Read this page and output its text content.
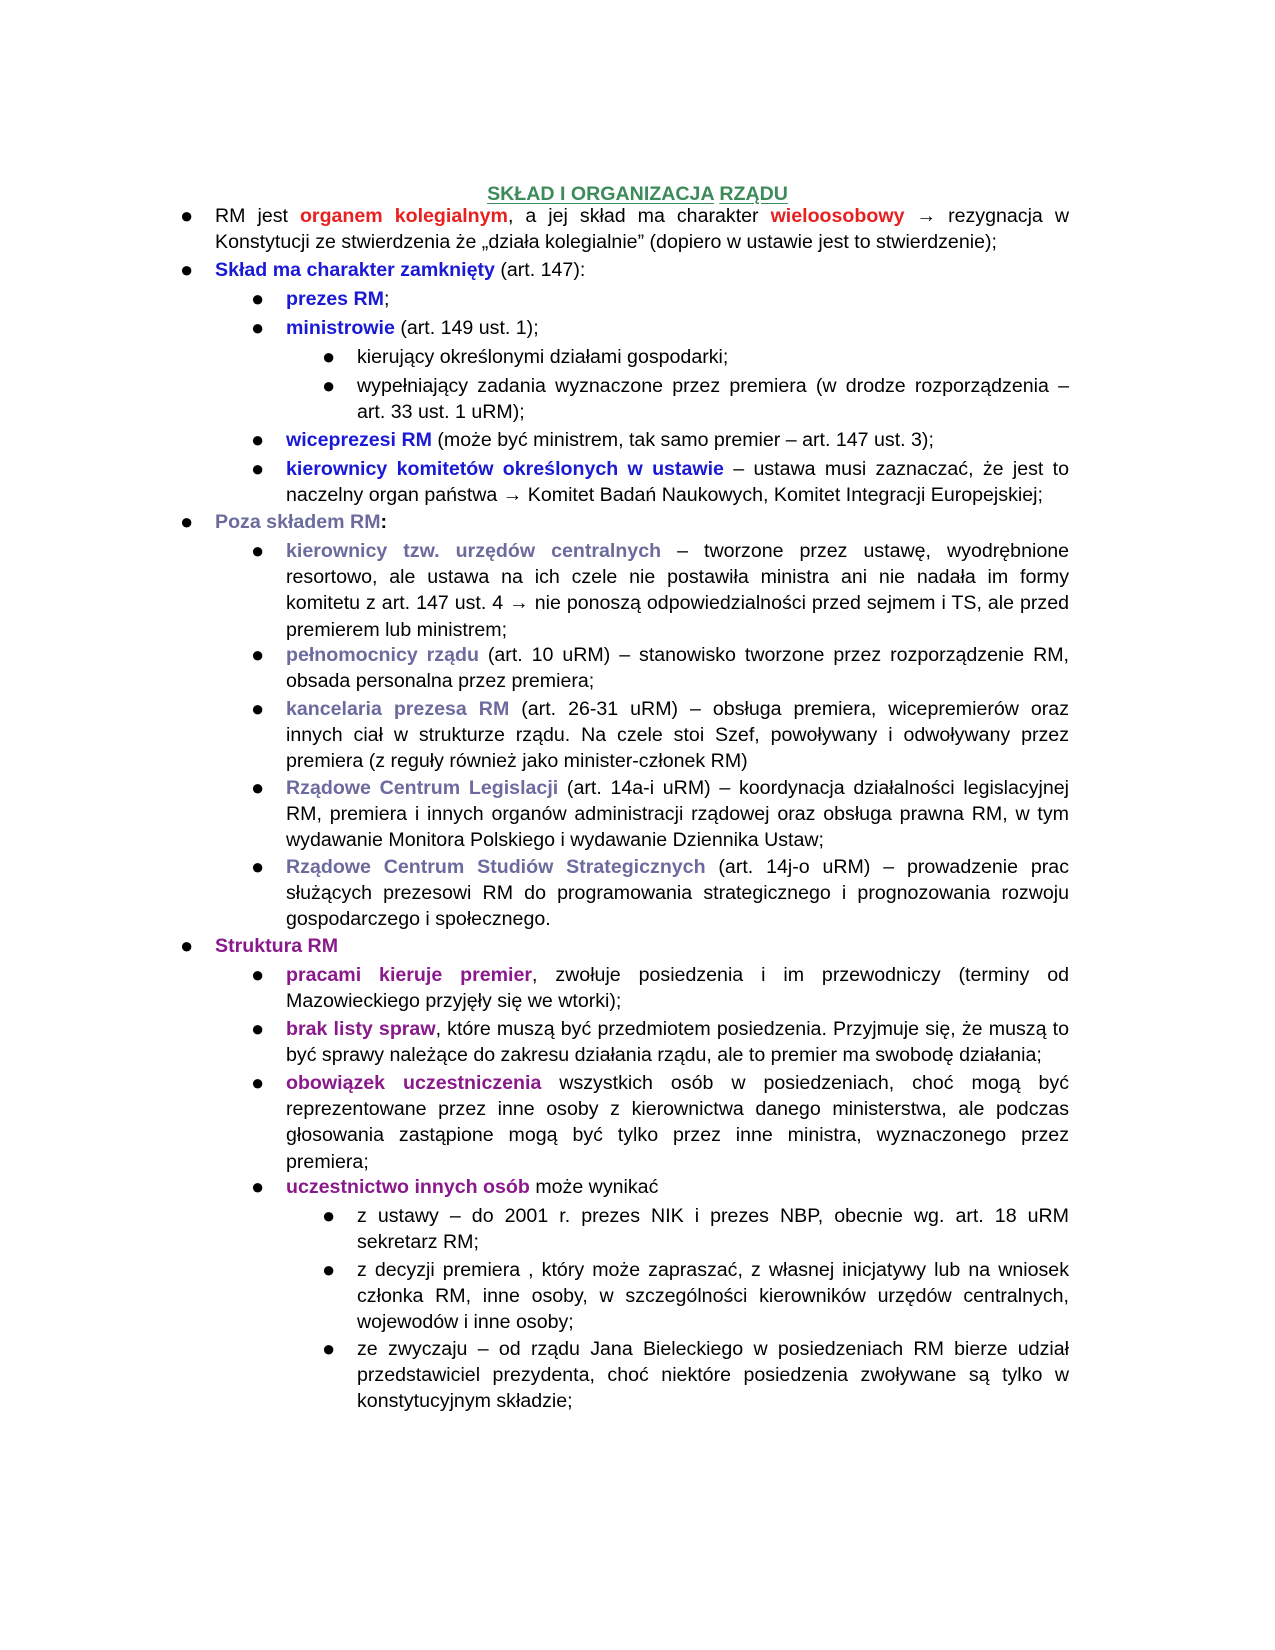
SKŁAD I ORGANIZACJA RZĄDU
●	RM jest organem kolegialnym, a jej skład ma charakter wieloosobowy → rezygnacja w
Konstytucji ze stwierdzenia że „działa kolegialnie” (dopiero w ustawie jest to stwierdzenie);
●	Skład ma charakter zamknięty (art. 147):
●	prezes RM;
●	ministrowie (art. 149 ust. 1);
●	kierujący określonymi działami gospodarki;
●	wypełniający zadania wyznaczone przez premiera (w drodze rozporządzenia –
art. 33 ust. 1 uRM);
●	wiceprezesi RM (może być ministrem, tak samo premier – art. 147 ust. 3);
●	kierownicy komitetów określonych w ustawie – ustawa musi zaznaczać, że jest to
naczelny organ państwa → Komitet Badań Naukowych, Komitet Integracji Europejskiej;
●	Poza składem RM:
●	kierownicy tzw. urzędów centralnych – tworzone przez ustawę, wyodrębnione
resortowo, ale ustawa na ich czele nie postawiła ministra ani nie nadała im formy
komitetu z art. 147 ust. 4 → nie ponoszą odpowiedzialności przed sejmem i TS, ale przed
premierem lub ministrem;
●	pełnomocnicy rządu (art. 10 uRM) – stanowisko tworzone przez rozporządzenie RM,
obsada personalna przez premiera;
●	kancelaria prezesa RM (art. 26-31 uRM) – obsługa premiera, wicepremierów oraz
innych ciał w strukturze rządu. Na czele stoi Szef, powoływany i odwoływany przez
premiera (z reguły również jako minister-członek RM)
●	Rządowe Centrum Legislacji (art. 14a-i uRM) – koordynacja działalności legislacyjnej
RM, premiera i innych organów administracji rządowej oraz obsługa prawna RM, w tym
wydawanie Monitora Polskiego i wydawanie Dziennika Ustaw;
●	Rządowe Centrum Studiów Strategicznych (art. 14j-o uRM) – prowadzenie prac
służących prezesowi RM do programowania strategicznego i prognozowania rozwoju
gospodarczego i społecznego.
●	Struktura RM
●	pracami kieruje premier, zwołuje posiedzenia i im przewodniczy (terminy od
Mazowieckiego przyjęły się we wtorki);
●	brak listy spraw, które muszą być przedmiotem posiedzenia. Przyjmuje się, że muszą to
być sprawy należące do zakresu działania rządu, ale to premier ma swobodę działania;
●	obowiązek uczestniczenia wszystkich osób w posiedzeniach, choć mogą być
reprezentowane przez inne osoby z kierownictwa danego ministerstwa, ale podczas
głosowania zastąpione mogą być tylko przez inne ministra, wyznaczonego przez
premiera;
●	uczestnictwo innych osób może wynikać
●	z ustawy – do 2001 r. prezes NIK i prezes NBP, obecnie wg. art. 18 uRM
sekretarz RM;
●	z decyzji premiera , który może zapraszać, z własnej inicjatywy lub na wniosek
członka RM, inne osoby, w szczególności kierowników urzędów centralnych,
wojewodów i inne osoby;
●	ze zwyczaju – od rządu Jana Bieleckiego w posiedzeniach RM bierze udział
przedstawiciel prezydenta, choć niektóre posiedzenia zwoływane są tylko w
konstytucyjnym składzie;
